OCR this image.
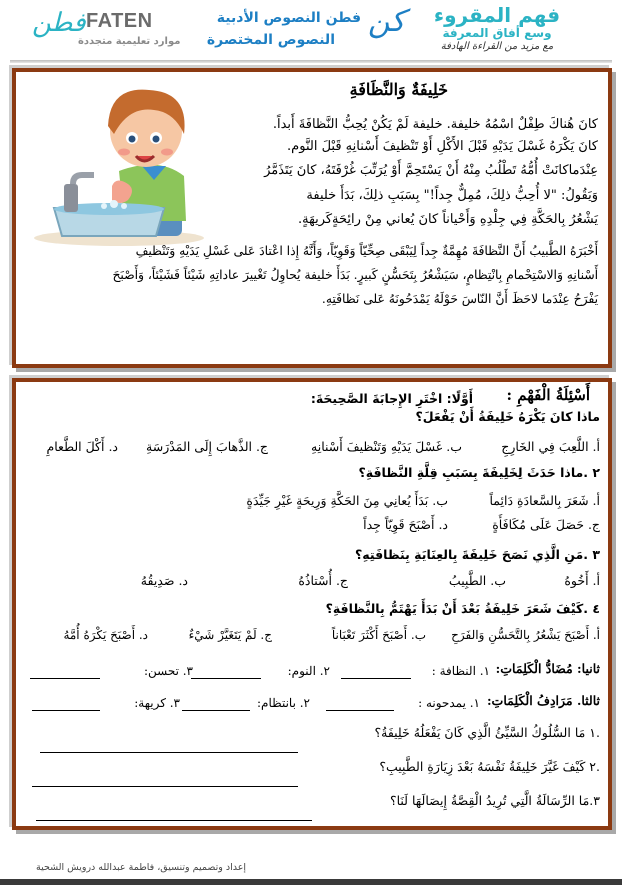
فهم المقروء
وسع أفاق المعرفة
مع مزيد من القراءة الهادفة
كن
فطن النصوص الأدبية
النصوص المختصرة
فطن FATEN
موارد تعليمية متجددة
خَلِيفَةٌ وَالنَّظَافَةِ
كانَ هُناكَ طِفْلٌ اسْمُهُ خليفة. خليفة لَمْ يَكُنْ يُحِبُّ النَّظافَةَ أَبداً.
كانَ يَكْرَهُ غَسْلَ يَدَيْهِ قَبْلَ الأَكْلِ أَوْ تَنْظيفَ أَسْنانِهِ قَبْلَ النَّوم.
عِنْدَماكانَتْ أُمُّهُ تَطْلُبُ مِنْهُ أَنْ يَسْتَحِمَّ أَوْ يُرَتِّبَ غُرْفَتَهُ، كانَ يَتَذَمَّرُ
وَيَقُولُ: "لا أُحِبُّ ذلِكَ، مُمِلٌّ جِداً!" بِسَبَبِ ذلِكَ، بَدَأَ خليفة
يَشْعُرُ بِالحَكَّةِ فِي جِلْدِهِ وَأَحْياناً كانَ يُعاني مِنْ رائِحَةٍكَريهَةٍ.
أَخْبَرَهُ الطَّبيبُ أَنَّ النَّظافَةَ مُهِمَّةٌ جِداً لِيَبْقَى صِحِّيّاً وَقَوِيّاً، وَأَنَّهُ إِذا اعْتادَ عَلى غَسْلِ يَدَيْهِ وَتَنْظيفِ
أَسْنانِهِ وَالاسْتِحْمامِ بِانْتِظامٍ، سَيَشْعُرُ بِتَحَسُّنٍ كَبيرٍ. بَدَأَ خليفة يُحاوِلُ تَغْييرَ عاداتِهِ شَيْئاً فَشَيْئاً، وَأَصْبَحَ
يَفْرَحُ عِنْدَما لاحَظَ أَنَّ النّاسَ حَوْلَهُ يَمْدَحُونَهُ عَلى نَظافَتِهِ.
أَسْئِلَةُ الْفَهْمِ :
أَوَّلًا: اخْتَرِ الإِجابَةَ الصَّحِيحَةَ:
ماذا كانَ يَكْرَهُ خَلِيفَةُ أَنْ يَفْعَلَ؟
أ. اللَّعِبَ فِي الخَارِجِ
ب. غَسْلَ يَدَيْهِ وَتَنْظيفَ أَسْنانِهِ
ج. الذَّهابَ إِلَى المَدْرَسَةِ
د. أَكْلَ الطَّعامِ
٢ .ماذا حَدَثَ لِخَلِيفَةَ بِسَبَبِ قِلَّةِ النَّظافَةِ؟
أ. شَعَرَ بِالسَّعادَةِ دَائِماً
ب. بَدَأَ يُعانِي مِنَ الحَكَّةِ وَرِيحَةٍ غَيْرِ جَيِّدَةٍ
ج. حَصَلَ عَلَى مُكَافَأَةٍ
د. أَصْبَحَ قَوِيّاً جِداً
٣ .مَنِ الَّذِي نَصَحَ خَلِيفَةَ بِالعِنَايَةِ بِنَظافَتِهِ؟
أ. أَخُوهُ
ب. الطَّبِيبُ
ج. أُسْتاذُهُ
د. صَدِيقُهُ
٤ .كَيْفَ شَعَرَ خَلِيفَةُ بَعْدَ أَنْ بَدَأَ يَهْتَمُّ بِالنَّظافَةِ؟
أ. أَصْبَحَ يَشْعُرُ بِالتَّحَسُّنِ وَالفَرَحِ
ب. أَصْبَحَ أَكْثَرَ تَعْبَاناً
ج. لَمْ يَتَغَيَّرْ شَيْءٌ
د. أَصْبَحَ يَكْرَهُ أُمَّهُ
ثانيا: مُضَادُّ الْكَلِمَاتِ:
١. النظافة :
٢. النوم:
٣. تحسن:
ثالثا. مَرَادِفُ الْكَلِمَاتِ:
١. يمدحونه :
٢. بانتظام:
٣. كريهة:
.١ مَا السُّلُوكُ السَّيِّئُ الَّذِي كَانَ يَفْعَلُهُ خَلِيفَةُ؟
.٢ كَيْفَ غَيَّرَ خَلِيفَةُ نَفْسَهُ بَعْدَ زِيَارَةِ الطَّبِيبِ؟
٣.مَا الرِّسَالَةُ الَّتِي تُرِيدُ الْقِصَّةُ إِيصَالَهَا لَنَا؟
إعداد وتصميم وتنسيق، فاطمة عبدالله درويش الشحية
